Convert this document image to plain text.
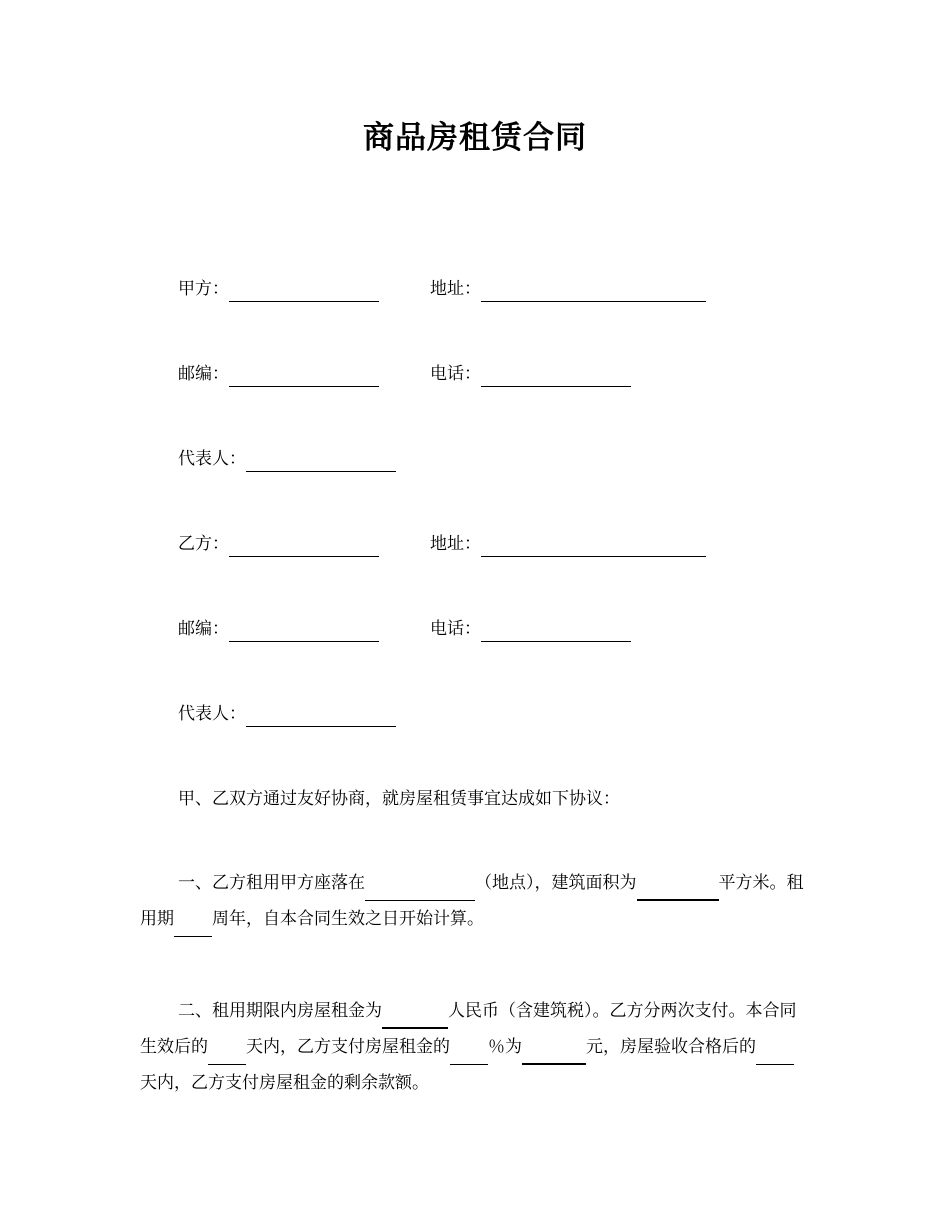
商品房租赁合同
甲方：	地址：
邮编：	电话：
代表人：
乙方：	地址：
邮编：	电话：
代表人：
甲、乙双方通过友好协商，就房屋租赁事宜达成如下协议：

一、乙方租用甲方座落在	（地点），建筑面积为	平方米。租用期 周年，自本合同生效之日开始计算。

二、租用期限内房屋租金为	人民币（含建筑税）。乙方分两次支付。本合同生效后的 天内，乙方支付房屋租金的 ％为	元，房屋验收合格后的天内，乙方支付房屋租金的剩余款额。
